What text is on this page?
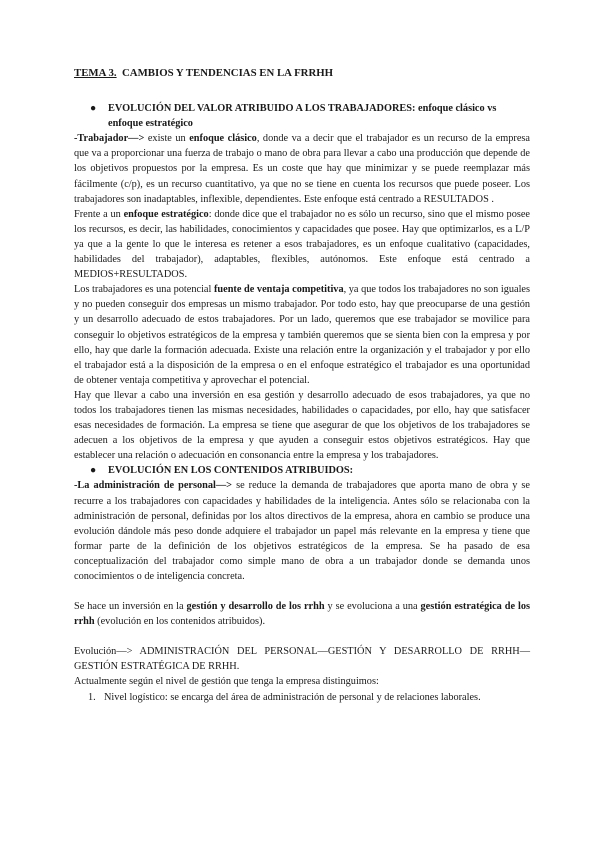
TEMA 3. CAMBIOS Y TENDENCIAS EN LA FRRHH
●	EVOLUCIÓN DEL VALOR ATRIBUIDO A LOS TRABAJADORES: enfoque clásico vs enfoque estratégico

-Trabajador—> existe un enfoque clásico, donde va a decir que el trabajador es un recurso de la empresa que va a proporcionar una fuerza de trabajo o mano de obra para llevar a cabo una producción que depende de los objetivos propuestos por la empresa. Es un coste que hay que minimizar y se puede reemplazar más fácilmente (c/p), es un recurso cuantitativo, ya que no se tiene en cuenta los recursos que puede poseer. Los trabajadores son inadaptables, inflexible, dependientes. Este enfoque está centrado a RESULTADOS .

Frente a un enfoque estratégico: donde dice que el trabajador no es sólo un recurso, sino que el mismo posee los recursos, es decir, las habilidades, conocimientos y capacidades que posee. Hay que optimizarlos, es a L/P ya que a la gente lo que le interesa es retener a esos trabajadores, es un enfoque cualitativo (capacidades, habilidades del trabajador), adaptables, flexibles, autónomos. Este enfoque está centrado a MEDIOS+RESULTADOS.

Los trabajadores es una potencial fuente de ventaja competitiva, ya que todos los trabajadores no son iguales y no pueden conseguir dos empresas un mismo trabajador. Por todo esto, hay que preocuparse de una gestión y un desarrollo adecuado de estos trabajadores. Por un lado, queremos que ese trabajador se movilice para conseguir lo objetivos estratégicos de la empresa y también queremos que se sienta bien con la empresa y por ello, hay que darle la formación adecuada. Existe una relación entre la organización y el trabajador y por ello el trabajador está a la disposición de la empresa o en el enfoque estratégico el trabajador es una oportunidad de obtener ventaja competitiva y aprovechar el potencial.

Hay que llevar a cabo una inversión en esa gestión y desarrollo adecuado de esos trabajadores, ya que no todos los trabajadores tienen las mismas necesidades, habilidades o capacidades, por ello, hay que satisfacer esas necesidades de formación. La empresa se tiene que asegurar de que los objetivos de los trabajadores se adecuen a los objetivos de la empresa y que ayuden a conseguir estos objetivos estratégicos. Hay que establecer una relación o adecuación en consonancia entre la empresa y los trabajadores.

●	EVOLUCIÓN EN LOS CONTENIDOS ATRIBUIDOS:

-La administración de personal—> se reduce la demanda de trabajadores que aporta mano de obra y se recurre a los trabajadores con capacidades y habilidades de la inteligencia. Antes sólo se relacionaba con la administración de personal, definidas por los altos directivos de la empresa, ahora en cambio se produce una evolución dándole más peso donde adquiere el trabajador un papel más relevante en la empresa y tiene que formar parte de la definición de los objetivos estratégicos de la empresa. Se ha pasado de esa conceptualización del trabajador como simple mano de obra a un trabajador donde se demanda unos conocimientos o de inteligencia concreta.

Se hace un inversión en la gestión y desarrollo de los rrhh y se evoluciona a una gestión estratégica de los rrhh (evolución en los contenidos atribuidos).

Evolución—> ADMINISTRACIÓN DEL PERSONAL—GESTIÓN Y DESARROLLO DE RRHH—GESTIÓN ESTRATÉGICA DE RRHH.

Actualmente según el nivel de gestión que tenga la empresa distinguimos:

1. Nivel logístico: se encarga del área de administración de personal y de relaciones laborales.
